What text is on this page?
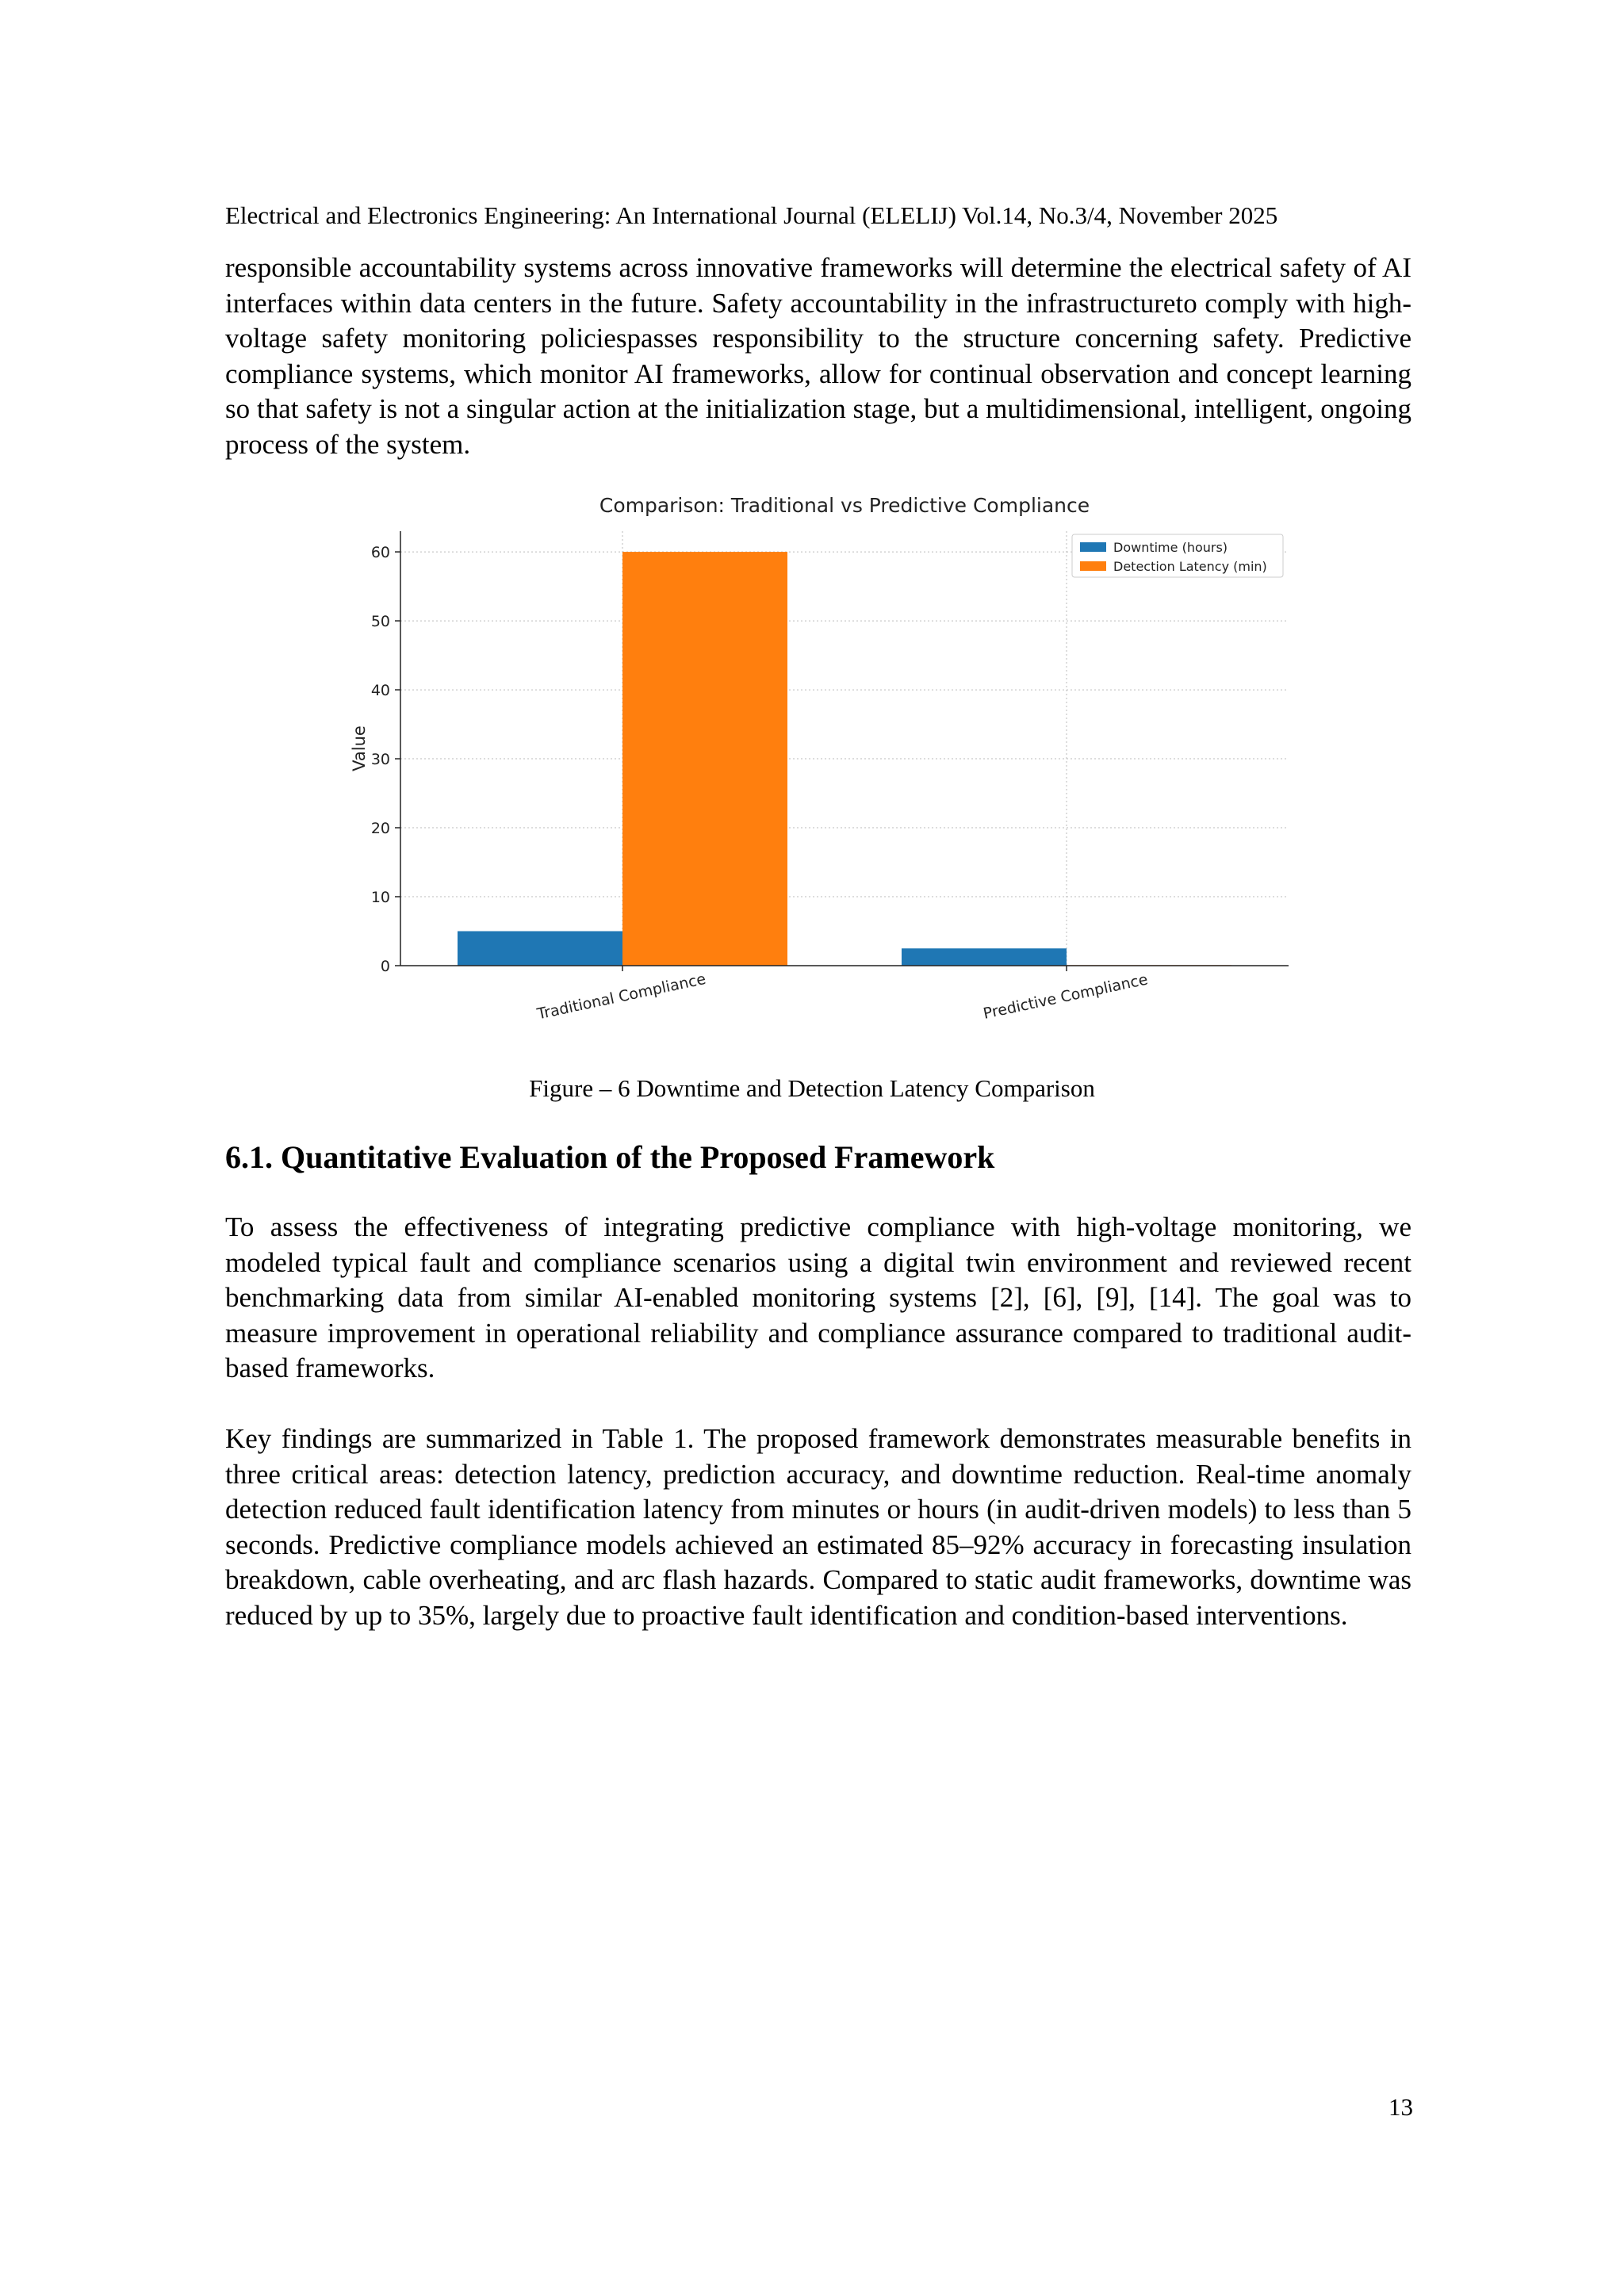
Electrical and Electronics Engineering: An International Journal (ELELIJ) Vol.14, No.3/4, November 2025

responsible accountability systems across innovative frameworks will determine the electrical safety of AI interfaces within data centers in the future. Safety accountability in the infrastructureto comply with high-voltage safety monitoring policiespasses responsibility to the structure concerning safety. Predictive compliance systems, which monitor AI frameworks, allow for continual observation and concept learning so that safety is not a singular action at the initialization stage, but a multidimensional, intelligent, ongoing process of the system.

Comparison: Traditional vs Predictive Compliance
0
10
20
30
40
50
60
Traditional Compliance	Predictive Compliance
Value
Downtime (hours)
Detection Latency (min)
Figure – 6 Downtime and Detection Latency Comparison
6.1. Quantitative Evaluation of the Proposed Framework

To assess the effectiveness of integrating predictive compliance with high-voltage monitoring, we modeled typical fault and compliance scenarios using a digital twin environment and reviewed recent benchmarking data from similar AI-enabled monitoring systems [2], [6], [9], [14]. The goal was to measure improvement in operational reliability and compliance assurance compared to traditional audit-based frameworks.

Key findings are summarized in Table 1. The proposed framework demonstrates measurable benefits in three critical areas: detection latency, prediction accuracy, and downtime reduction. Real-time anomaly detection reduced fault identification latency from minutes or hours (in audit-driven models) to less than 5 seconds. Predictive compliance models achieved an estimated 85–92% accuracy in forecasting insulation breakdown, cable overheating, and arc flash hazards. Compared to static audit frameworks, downtime was reduced by up to 35%, largely due to proactive fault identification and condition-based interventions.

13
